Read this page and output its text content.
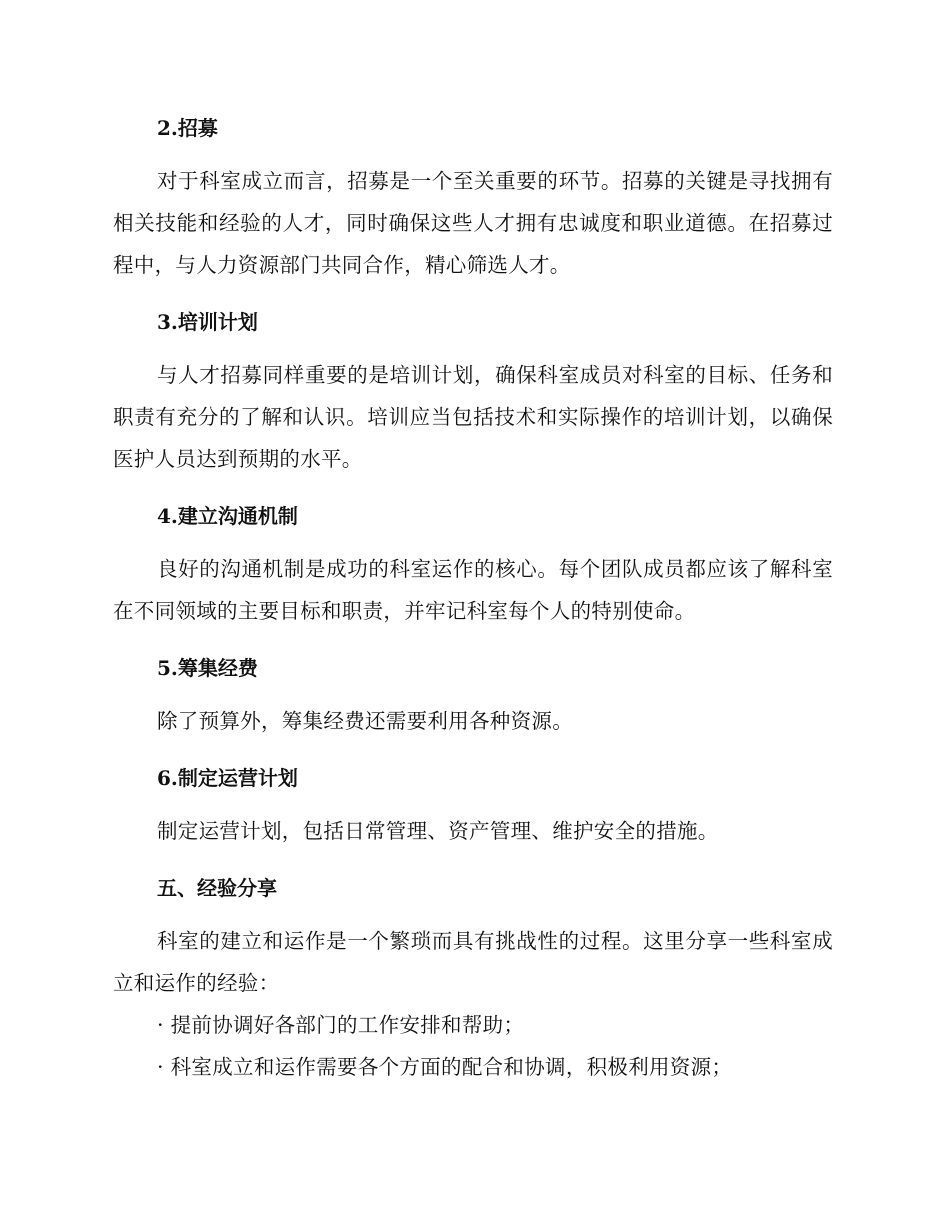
2.招募

对于科室成立而言，招募是一个至关重要的环节。招募的关键是寻找拥有相关技能和经验的人才，同时确保这些人才拥有忠诚度和职业道德。在招募过程中，与人力资源部门共同合作，精心筛选人才。

3.培训计划

与人才招募同样重要的是培训计划，确保科室成员对科室的目标、任务和职责有充分的了解和认识。培训应当包括技术和实际操作的培训计划，以确保医护人员达到预期的水平。

4.建立沟通机制

良好的沟通机制是成功的科室运作的核心。每个团队成员都应该了解科室在不同领域的主要目标和职责，并牢记科室每个人的特别使命。

5.筹集经费

除了预算外，筹集经费还需要利用各种资源。

6.制定运营计划

制定运营计划，包括日常管理、资产管理、维护安全的措施。

五、经验分享

科室的建立和运作是一个繁琐而具有挑战性的过程。这里分享一些科室成立和运作的经验：

· 提前协调好各部门的工作安排和帮助；

· 科室成立和运作需要各个方面的配合和协调，积极利用资源；
